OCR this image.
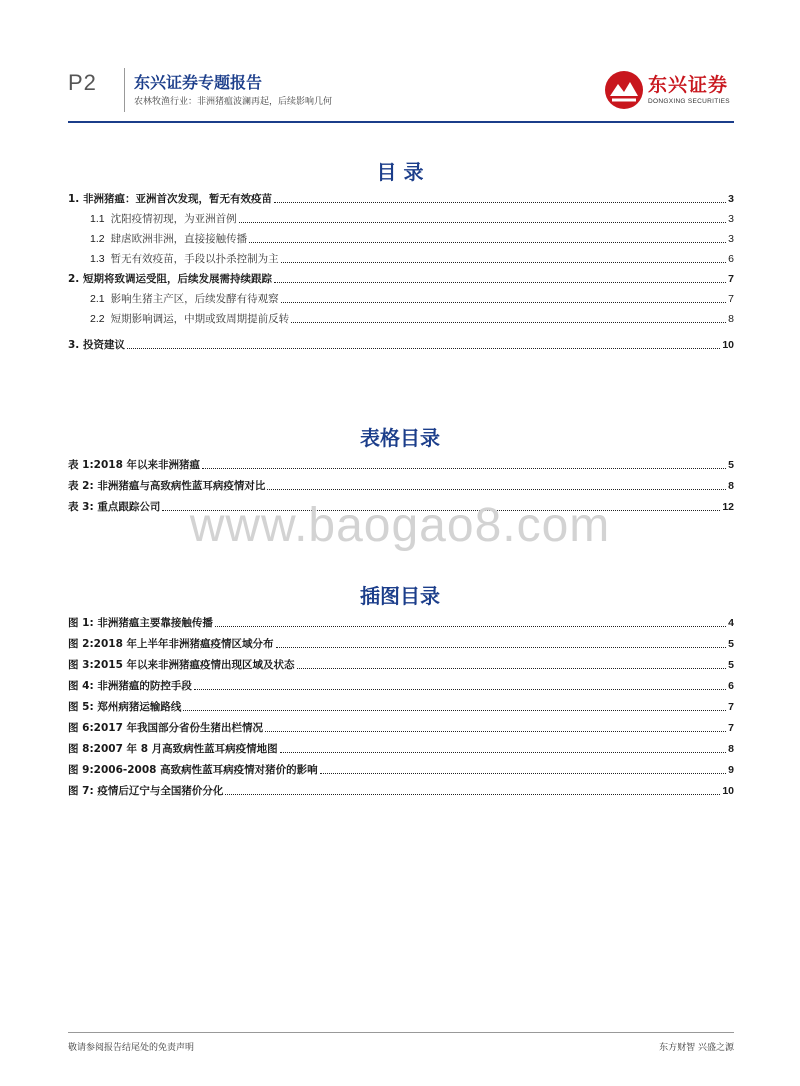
P2 东兴证券专题报告
农林牧渔行业：非洲猪瘟波澜再起，后续影响几何
东兴证券
DONGXING SECURITIES
目 录
1. 非洲猪瘟：亚洲首次发现，暂无有效疫苗	3
1.1 沈阳疫情初现，为亚洲首例	3
1.2 肆虐欧洲非洲，直接接触传播	3
1.3 暂无有效疫苗，手段以扑杀控制为主	6
2. 短期将致调运受阻，后续发展需持续跟踪	7
2.1 影响生猪主产区，后续发酵有待观察	7
2.2 短期影响调运，中期或致周期提前反转	8
3. 投资建议	10
表格目录
表 1:2018 年以来非洲猪瘟	5
表 2: 非洲猪瘟与高致病性蓝耳病疫情对比	8
表 3: 重点跟踪公司	12
www.baogao8.com
插图目录
图 1: 非洲猪瘟主要靠接触传播	4
图 2:2018 年上半年非洲猪瘟疫情区域分布	5
图 3:2015 年以来非洲猪瘟疫情出现区域及状态	5
图 4: 非洲猪瘟的防控手段	6
图 5: 郑州病猪运输路线	7
图 6:2017 年我国部分省份生猪出栏情况	7
图 8:2007 年 8 月高致病性蓝耳病疫情地图	8
图 9:2006-2008 高致病性蓝耳病疫情对猪价的影响	9
图 7: 疫情后辽宁与全国猪价分化	10
敬请参阅报告结尾处的免责声明	东方财智 兴盛之源
